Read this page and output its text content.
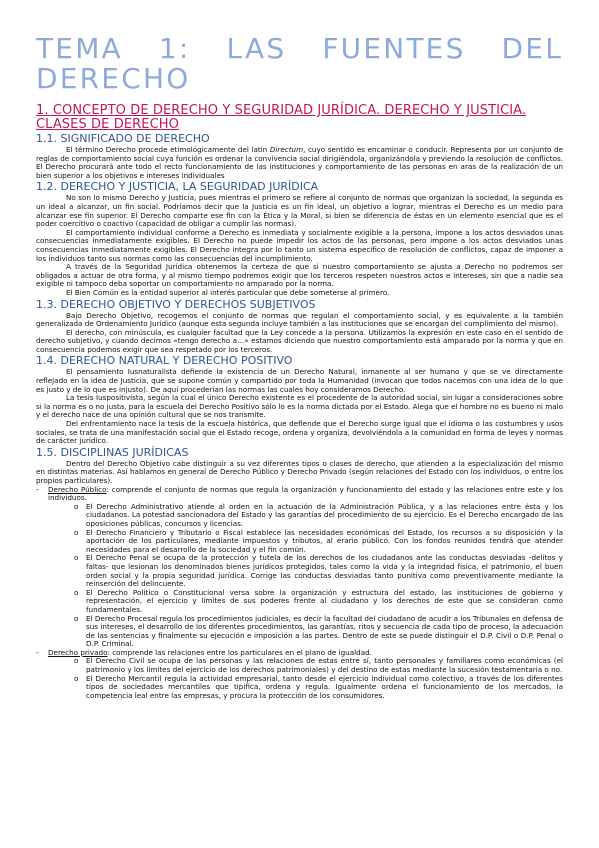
TEMA 1: LAS FUENTES DEL DERECHO
1. CONCEPTO DE DERECHO Y SEGURIDAD JURÍDICA. DERECHO Y JUSTICIA. CLASES DE DERECHO
1.1. SIGNIFICADO DE DERECHO

El término Derecho procede etimológicamente del latín Directum, cuyo sentido es encaminar o conducir. Representa por un conjunto de reglas de comportamiento social cuya función es ordenar la convivencia social dirigiéndola, organizándola y previendo la resolución de conflictos. El Derecho procurará ante todo el recto funcionamiento de las instituciones y comportamiento de las personas en aras de la realización de un bien superior a los objetivos e intereses individuales

1.2. DERECHO Y JUSTICIA, LA SEGURIDAD JURÍDICA

No son lo mismo Derecho y Justicia, pues mientras el primero se refiere al conjunto de normas que organizan la sociedad, la segunda es un ideal a alcanzar, un fin social. Podríamos decir que la Justicia es un fin ideal, un objetivo a lograr, mientras el Derecho es un medio para alcanzar ese fin superior. El Derecho comparte ese fin con la Ética y la Moral, si bien se diferencia de éstas en un elemento esencial que es el poder coercitivo o coactivo (capacidad de obligar a cumplir las normas).

El comportamiento individual conforme a Derecho es inmediata y socialmente exigible a la persona, impone a los actos desviados unas consecuencias inmediatamente exigibles. El Derecho no puede impedir los actos de las personas, pero impone a los actos desviados unas consecuencias inmediatamente exigibles. El Derecho integra por lo tanto un sistema específico de resolución de conflictos, capaz de imponer a los individuos tanto sus normas como las consecuencias del incumplimiento.

A través de la Seguridad Jurídica obtenemos la certeza de que si nuestro comportamiento se ajusta a Derecho no podremos ser obligados a actuar de otra forma, y al mismo tiempo podremos exigir que los terceros respeten nuestros actos e intereses, sin que a nadie sea exigible ni tampoco deba soportar un comportamiento no amparado por la norma.

El Bien Común es la entidad superior al interés particular que debe someterse al primero.

1.3. DERECHO OBJETIVO Y DERECHOS SUBJETIVOS

Bajo Derecho Objetivo, recogemos el conjunto de normas que regulan el comportamiento social, y es equivalente a la también generalizada de Ordenamiento Jurídico (aunque esta segunda incluye también a las instituciones que se encargan del cumplimiento del mismo).

El derecho, con minúscula, es cualquier facultad que la Ley concede a la persona. Utilizamos la expresión en este caso en el sentido de derecho subjetivo, y cuando decimos «tengo derecho a…» estamos diciendo que nuestro comportamiento está amparado por la norma y que en consecuencia podemos exigir que sea respetado por los terceros.

1.4. DERECHO NATURAL Y DERECHO POSITIVO

El pensamiento Iusnaturalista defiende la existencia de un Derecho Natural, inmanente al ser humano y que se ve directamente reflejado en la idea de Justicia, que se supone común y compartido por toda la Humanidad (invocan que todos nacemos con una idea de lo que es justo y de lo que es injusto). De aquí procederían las normas las cuales hoy consideramos Derecho.

La tesis Iuspositivista, según la cual el único Derecho existente es el procedente de la autoridad social, sin lugar a consideraciones sobre si la norma es o no justa, para la escuela del Derecho Positivo sólo lo es la norma dictada por el Estado. Alega que el hombre no es bueno ni malo y el derecho nace de una opinión cultural que se nos transmite.

Del enfrentamiento nace la tesis de la escuela histórica, que defiende que el Derecho surge igual que el idioma o las costumbres y usos sociales, se trata de una manifestación social que el Estado recoge, ordena y organiza, devolviéndola a la comunidad en forma de leyes y normas de carácter jurídico.

1.5. DISCIPLINAS JURÍDICAS

Dentro del Derecho Objetivo cabe distinguir a su vez diferentes tipos o clases de derecho, que atienden a la especialización del mismo en distintas materias. Así hablamos en general de Derecho Público y Derecho Privado (según relaciones del Estado con los individuos, o entre los propios particulares).

- Derecho Público: comprende el conjunto de normas que regula la organización y funcionamiento del estado y las relaciones entre este y los individuos.
o El Derecho Administrativo atiende al orden en la actuación de la Administración Pública, y a las relaciones entre ésta y los ciudadanos. La potestad sancionadora del Estado y las garantías del procedimiento de su ejercicio. Es el Derecho encargado de las oposiciones públicas, concursos y licencias.
o El Derecho Financiero y Tributario o Fiscal establece las necesidades económicas del Estado, los recursos a su disposición y la aportación de los particulares, mediante impuestos y tributos, al erario público. Con los fondos reunidos tendrá que atender necesidades para el desarrollo de la sociedad y el fin común.
o El Derecho Penal se ocupa de la protección y tutela de los derechos de los ciudadanos ante las conductas desviadas -delitos y faltas- que lesionan los denominados bienes jurídicos protegidos, tales como la vida y la integridad física, el patrimonio, el buen orden social y la propia seguridad jurídica. Corrige las conductas desviadas tanto punitiva como preventivamente mediante la reinserción del delincuente.
o El Derecho Político o Constitucional versa sobre la organización y estructura del estado, las instituciones de gobierno y representación, el ejercicio y límites de sus poderes frente al ciudadano y los derechos de este que se consideran como fundamentales.
o El Derecho Procesal regula los procedimientos judiciales, es decir la facultad del ciudadano de acudir a los Tribunales en defensa de sus intereses, el desarrollo de los diferentes procedimientos, las garantías, ritos y secuencia de cada tipo de proceso, la adecuación de las sentencias y finalmente su ejecución e imposición a las partes. Dentro de este se puede distinguir el D.P. Civil o D.P. Penal o D.P. Criminal.
- Derecho privado: comprende las relaciones entre los particulares en el plano de igualdad.
o El Derecho Civil se ocupa de las personas y las relaciones de estas entre sí, tanto personales y familiares como económicas (el patrimonio y los límites del ejercicio de los derechos patrimoniales) y del destino de estas mediante la sucesión testamentaria o no.
o El Derecho Mercantil regula la actividad empresarial, tanto desde el ejercicio individual como colectivo, a través de los diferentes tipos de sociedades mercantiles que tipifica, ordena y regula. Igualmente ordena el funcionamiento de los mercados, la competencia leal entre las empresas, y procura la protección de los consumidores.
